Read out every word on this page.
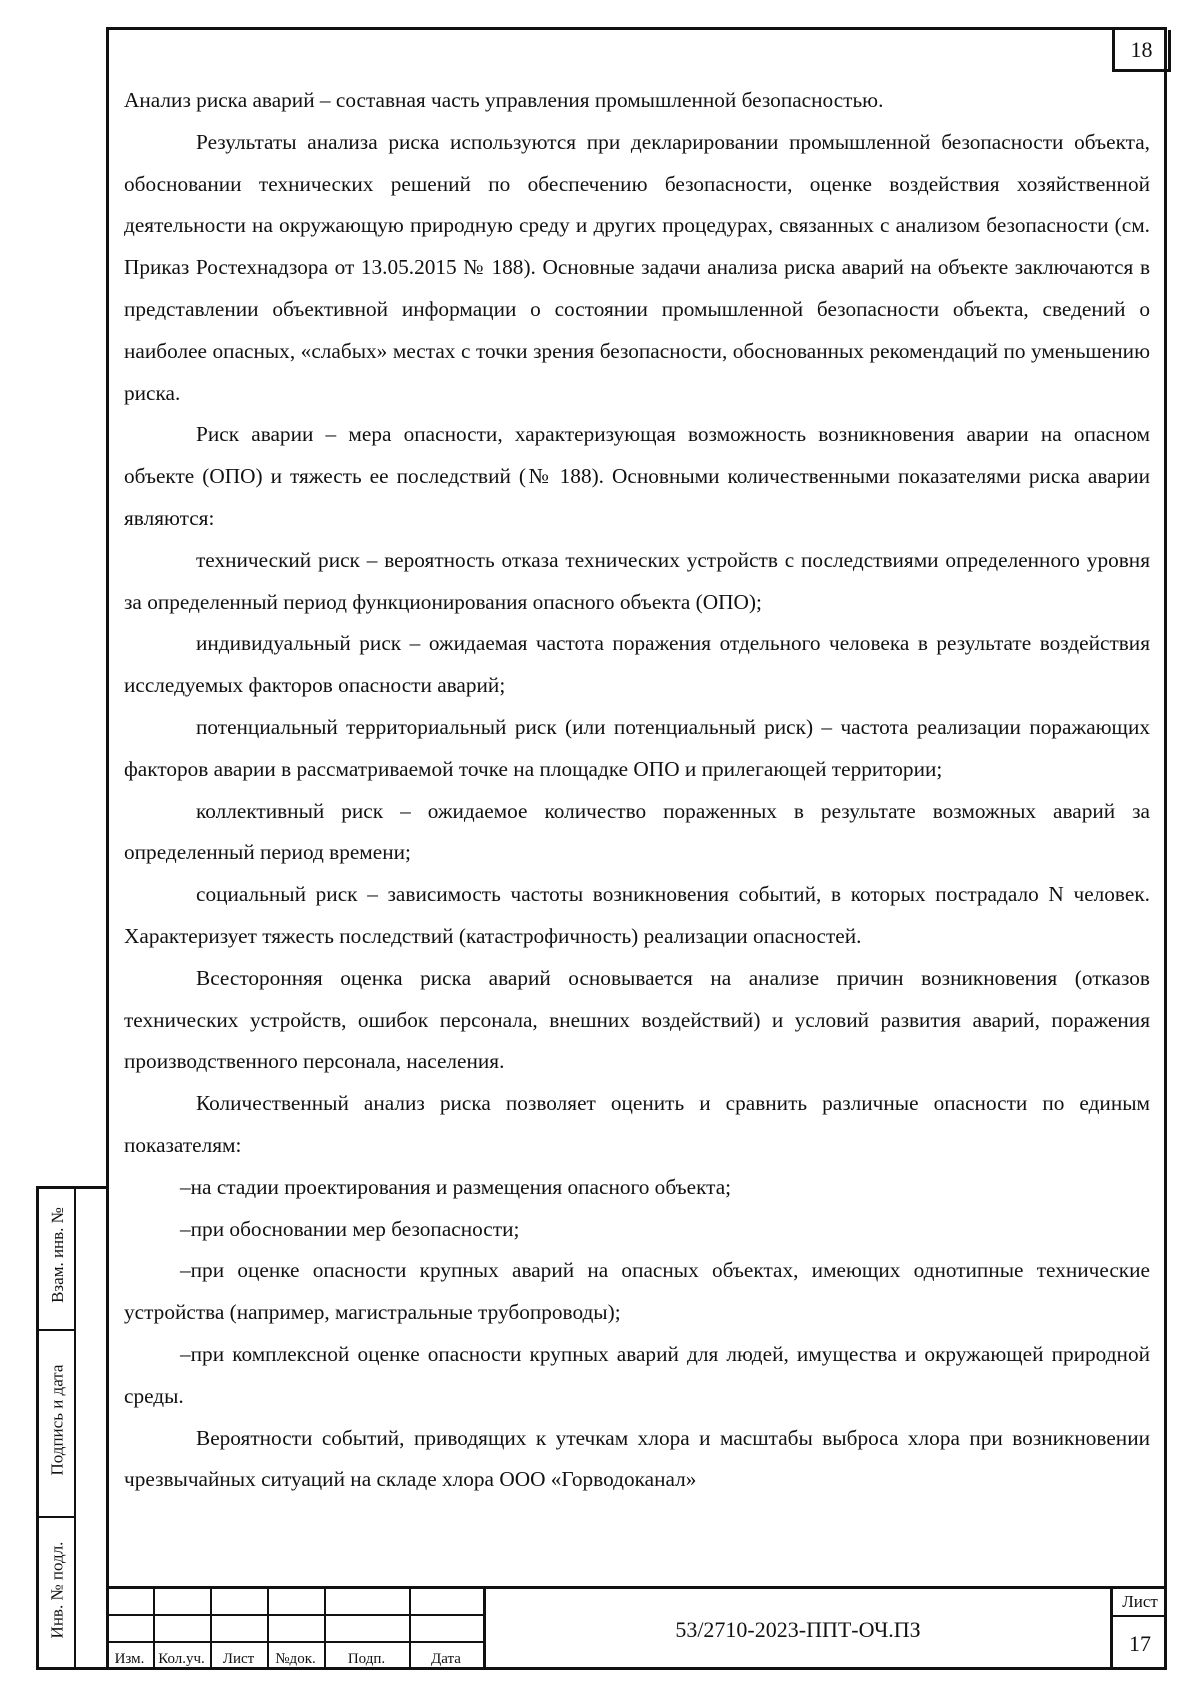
18

Анализ риска аварий – составная часть управления промышленной безопасностью.

Результаты анализа риска используются при декларировании промышленной безопасности объекта, обосновании технических решений по обеспечению безопасности, оценке воздействия хозяйственной деятельности на окружающую природную среду и других процедурах, связанных с анализом безопасности (см. Приказ Ростехнадзора от 13.05.2015 № 188). Основные задачи анализа риска аварий на объекте заключаются в представлении объективной информации о состоянии промышленной безопасности объекта, сведений о наиболее опасных, «слабых» местах с точки зрения безопасности, обоснованных рекомендаций по уменьшению риска.

Риск аварии – мера опасности, характеризующая возможность возникновения аварии на опасном объекте (ОПО) и тяжесть ее последствий (№ 188). Основными количественными показателями риска аварии являются:

технический риск – вероятность отказа технических устройств с последствиями определенного уровня за определенный период функционирования опасного объекта (ОПО);

индивидуальный риск – ожидаемая частота поражения отдельного человека в результате воздействия исследуемых факторов опасности аварий;

потенциальный территориальный риск (или потенциальный риск) – частота реализации поражающих факторов аварии в рассматриваемой точке на площадке ОПО и прилегающей территории;

коллективный риск – ожидаемое количество пораженных в результате возможных аварий за определенный период времени;

социальный риск – зависимость частоты возникновения событий, в которых пострадало N человек. Характеризует тяжесть последствий (катастрофичность) реализации опасностей.

Всесторонняя оценка риска аварий основывается на анализе причин возникновения (отказов технических устройств, ошибок персонала, внешних воздействий) и условий развития аварий, поражения производственного персонала, населения.

Количественный анализ риска позволяет оценить и сравнить различные опасности по единым показателям:

–на стадии проектирования и размещения опасного объекта;

–при обосновании мер безопасности;

–при оценке опасности крупных аварий на опасных объектах, имеющих однотипные технические устройства (например, магистральные трубопроводы);

–при комплексной оценке опасности крупных аварий для людей, имущества и окружающей природной среды.

Вероятности событий, приводящих к утечкам хлора и масштабы выброса хлора при возникновении чрезвычайных ситуаций на складе хлора ООО «Горводоканал»

Взам. инв. №
Подпись и дата
Инв. № подл.
Изм. Кол.уч.	Лист	№док.	Подп.	Дата
53/2710-2023-ППТ-ОЧ.ПЗ
Лист
17
